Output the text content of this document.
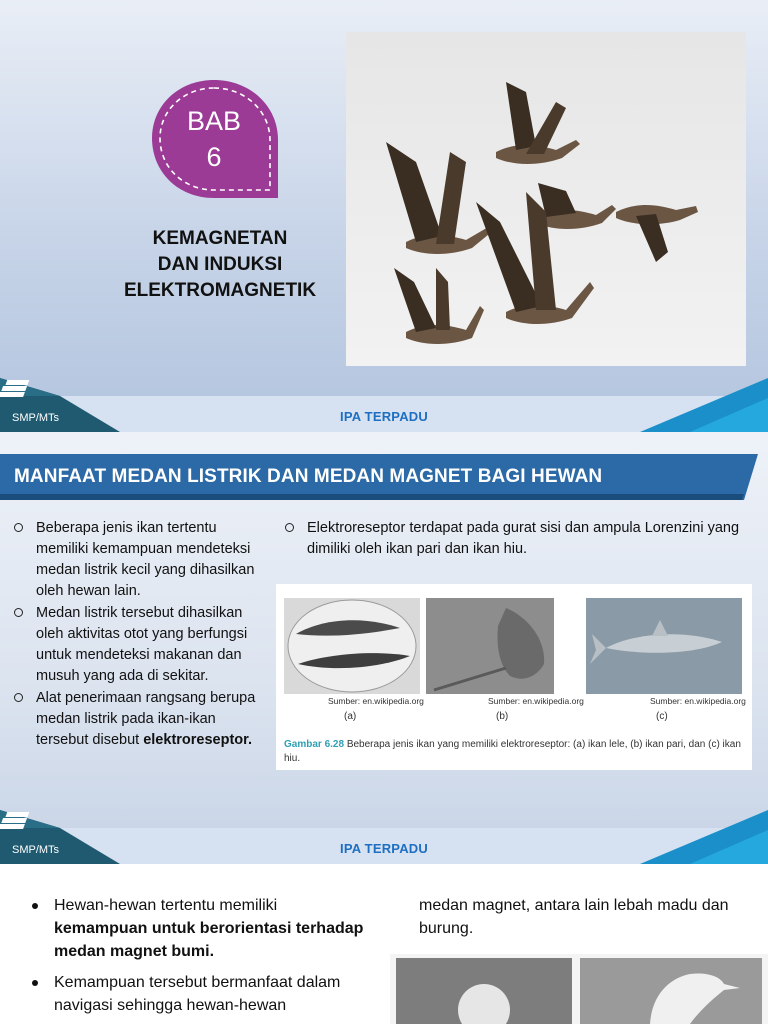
BAB
6
KEMAGNETAN
DAN INDUKSI
ELEKTROMAGNETIK
SMP/MTs	IPA TERPADU
MANFAAT MEDAN LISTRIK DAN MEDAN MAGNET BAGI HEWAN
Beberapa jenis ikan tertentu memiliki kemampuan mendeteksi medan listrik kecil yang dihasilkan oleh hewan lain.
Medan listrik tersebut dihasilkan oleh aktivitas otot yang berfungsi untuk mendeteksi makanan dan musuh yang ada di sekitar.
Alat penerimaan rangsang berupa medan listrik pada ikan-ikan tersebut disebut elektroreseptor.
Elektroreseptor terdapat pada gurat sisi dan ampula Lorenzini yang dimiliki oleh ikan pari dan ikan hiu.
Sumber: en.wikipedia.org	Sumber: en.wikipedia.org	Sumber: en.wikipedia.org
(a)	(b)	(c)
Gambar 6.28 Beberapa jenis ikan yang memiliki elektroreseptor: (a) ikan lele, (b) ikan pari, dan (c) ikan hiu.
SMP/MTs	IPA TERPADU
Hewan-hewan tertentu memiliki kemampuan untuk berorientasi terhadap medan magnet bumi.
Kemampuan tersebut bermanfaat dalam navigasi sehingga hewan-hewan
medan magnet, antara lain lebah madu dan burung.
